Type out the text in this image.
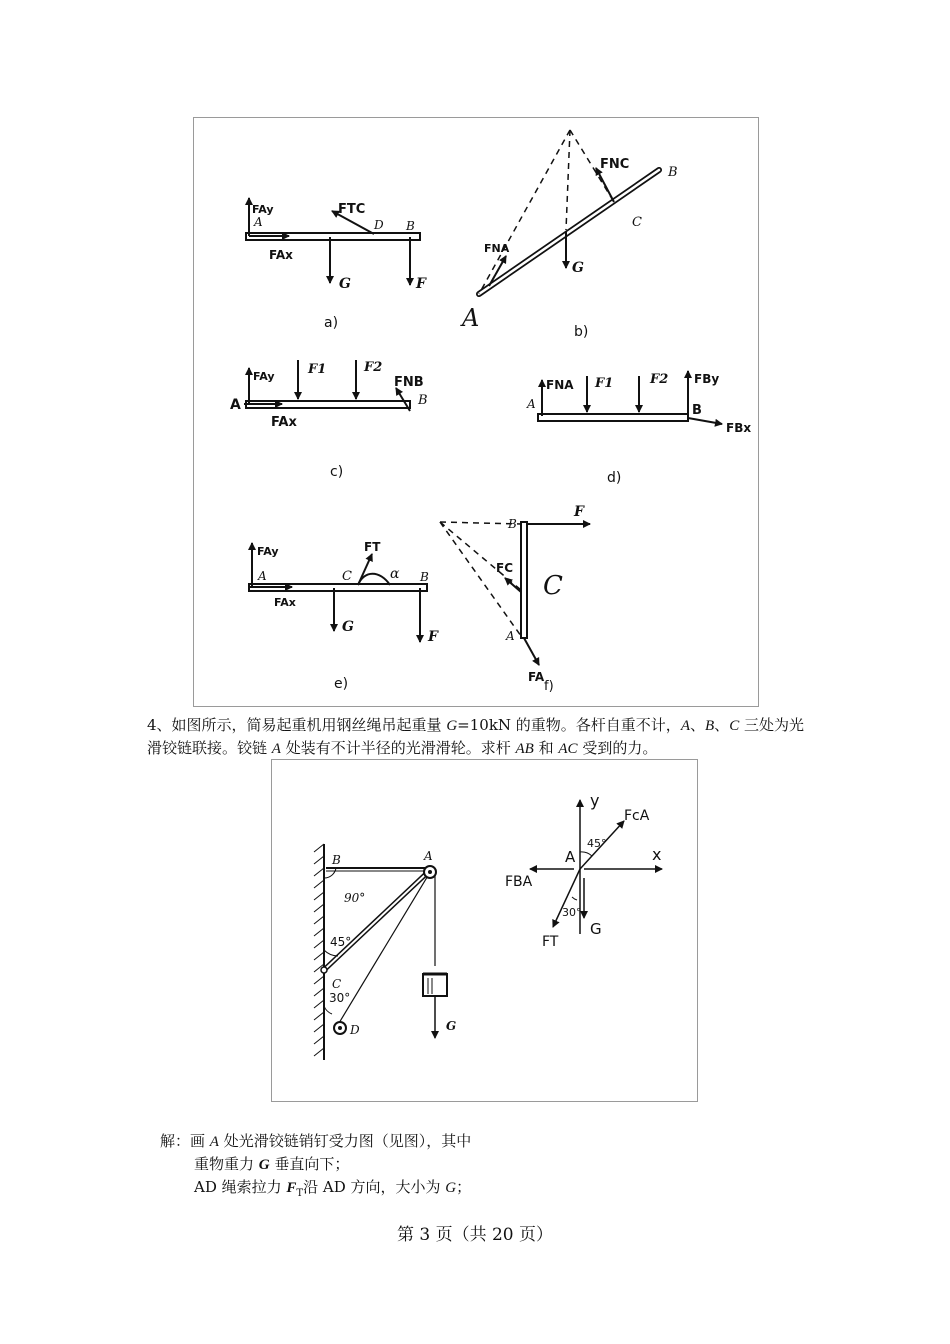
FAy
A
FAx
FTC
D B
G	F
a)
FNC
B
C
FNA
G
A	b)
FAy
A
FAx
F1	F2
FNB
B
c)
FNA
A
F1	F2 FBy
B
FBx
d)
FAy
A
FAx
FT
C	α B
G
F
e)
B
F
FC
C
A
FA
f)
4、如图所示，简易起重机用钢丝绳吊起重量 G=10kN 的重物。各杆自重不计，A、B、C 三处为光滑铰链联接。铰链 A 处装有不计半径的光滑滑轮。求杆 AB 和 AC 受到的力。
B	A
90°
45°
C
30°
D	G
y
x
FcA
45°
A
FBA
30°
G
FT
解：画 A 处光滑铰链销钉受力图（见图），其中
重物重力 G 垂直向下；
AD 绳索拉力 $F_T$沿 AD 方向，大小为 G；
第 3 页（共 20 页）
